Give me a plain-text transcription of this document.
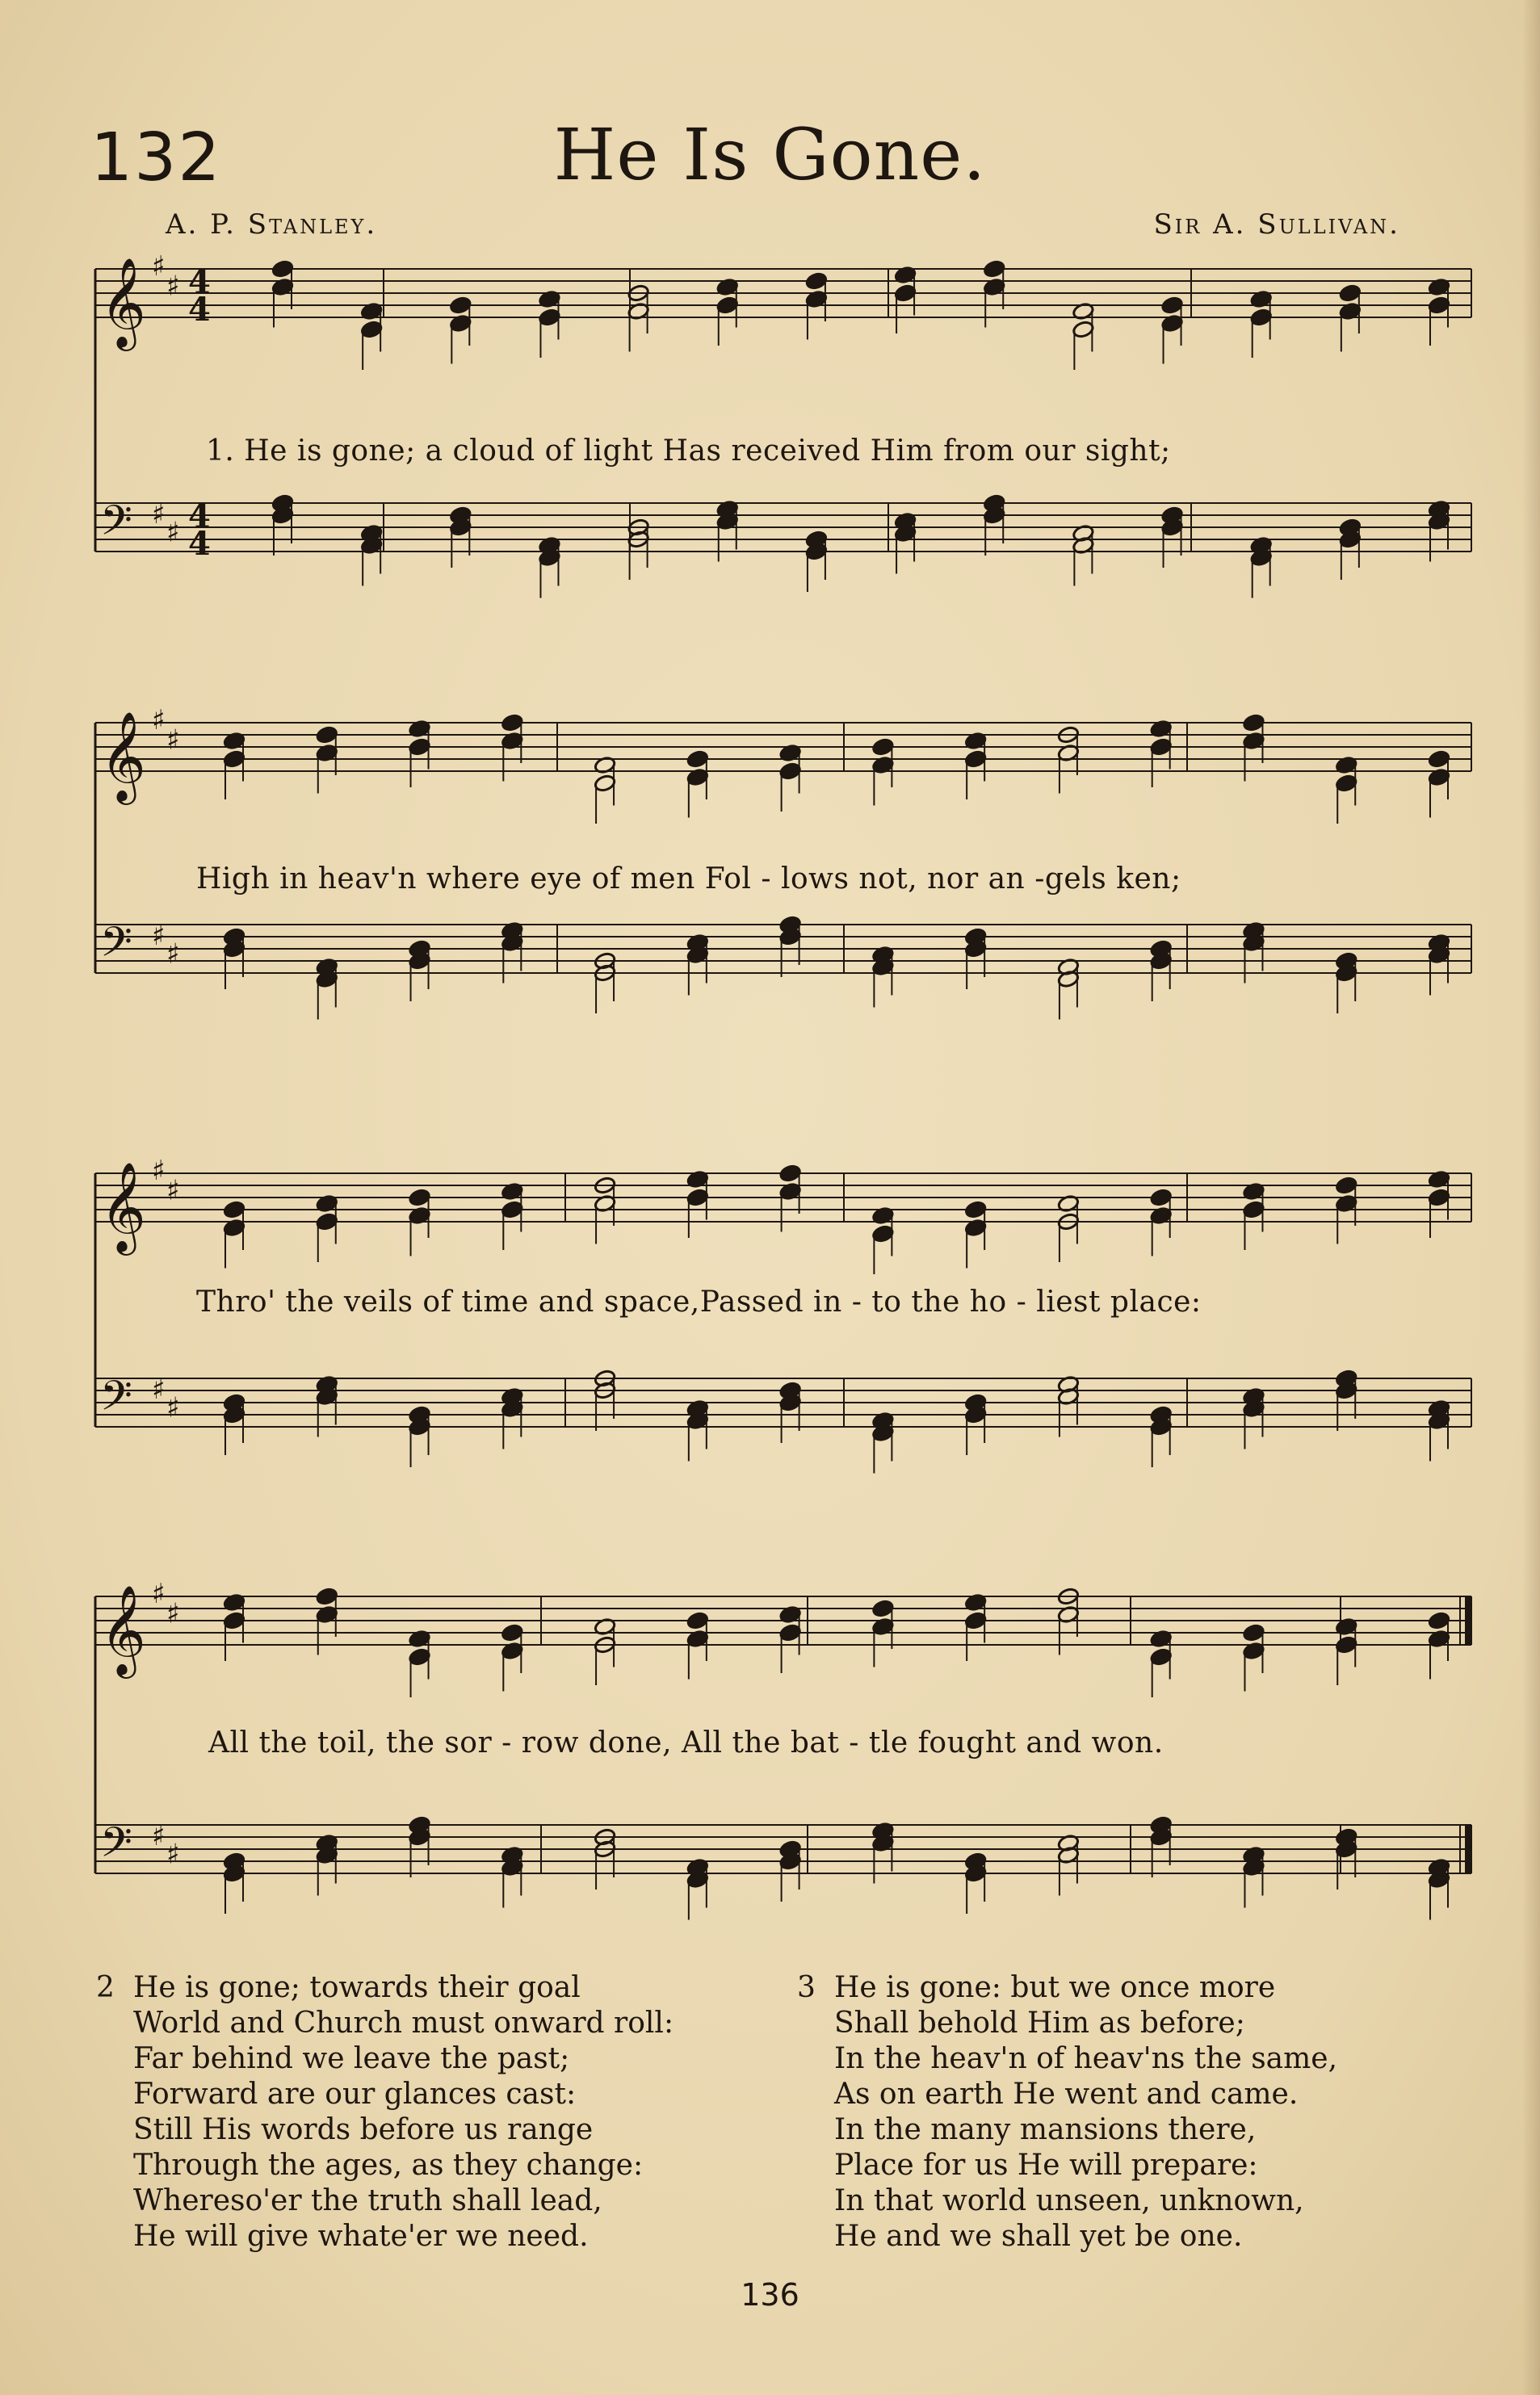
132	He Is Gone.
A. P. Stanley.	Sir A. Sullivan.
𝄞 ♯
♯ 4
4
𝄢 ♯
♯ 4
4
𝄞 ♯
♯
𝄢 ♯
♯
𝄞 ♯
♯
𝄢 ♯
♯
𝄞 ♯
♯
𝄢 ♯
♯
1. He is gone; a cloud of light Has received Him from our sight;
High in heav'n where eye of men Fol - lows not, nor an -gels ken;
Thro' the veils of time and space,Passed in - to the ho - liest place:
All the toil, the sor - row done, All the bat - tle fought and won.
2 He is gone; towards their goal
World and Church must onward roll:
Far behind we leave the past;
Forward are our glances cast:
Still His words before us range
Through the ages, as they change:
Whereso'er the truth shall lead,
He will give whate'er we need.
3 He is gone: but we once more
Shall behold Him as before;
In the heav'n of heav'ns the same,
As on earth He went and came.
In the many mansions there,
Place for us He will prepare:
In that world unseen, unknown,
He and we shall yet be one.
136
